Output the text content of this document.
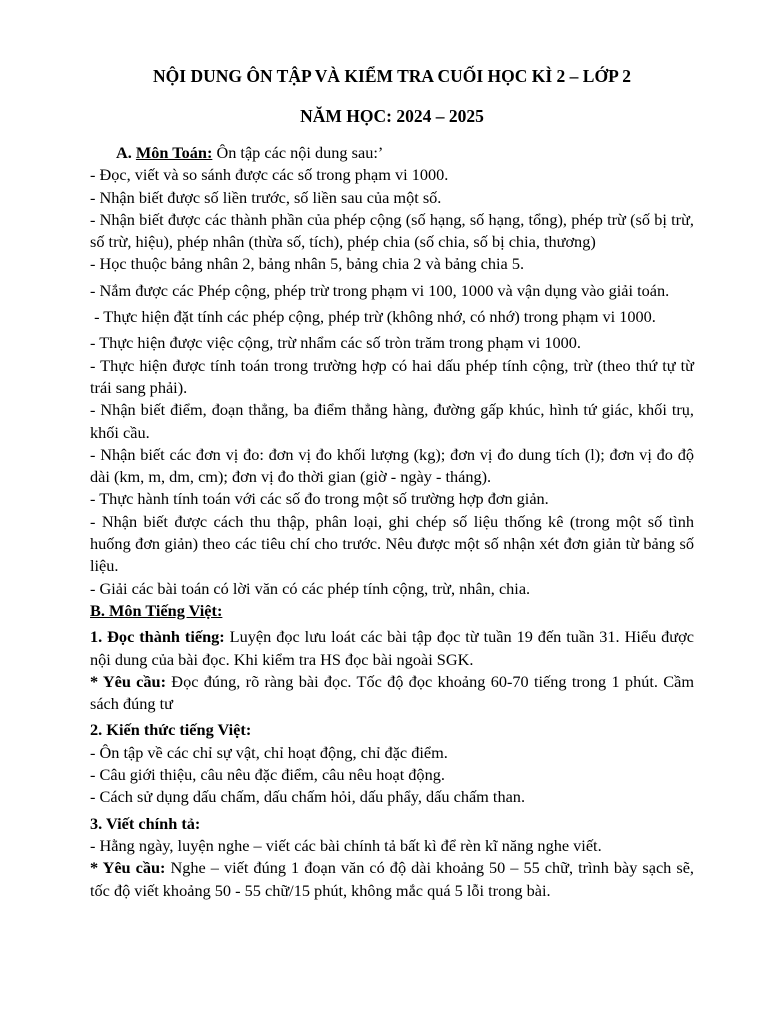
NỘI DUNG ÔN TẬP VÀ KIỂM TRA CUỐI HỌC KÌ 2 – LỚP 2
NĂM HỌC: 2024 – 2025

A. Môn Toán: Ôn tập các nội dung sau:’

- Đọc, viết và so sánh được các số trong phạm vi 1000.

- Nhận biết được số liền trước, số liền sau của một số.

- Nhận biết được các thành phần của phép cộng (số hạng, số hạng, tổng), phép trừ (số bị trừ, số trừ, hiệu), phép nhân (thừa số, tích), phép chia (số chia, số bị chia, thương)

- Học thuộc bảng nhân 2, bảng nhân 5, bảng chia 2 và bảng chia 5.

- Nắm được các Phép cộng, phép trừ trong phạm vi 100, 1000 và vận dụng vào giải toán.

- Thực hiện đặt tính các phép cộng, phép trừ (không nhớ, có nhớ) trong phạm vi 1000.

- Thực hiện được việc cộng, trừ nhẩm các số tròn trăm trong phạm vi 1000.

- Thực hiện được tính toán trong trường hợp có hai dấu phép tính cộng, trừ (theo thứ tự từ trái sang phải).

- Nhận biết điểm, đoạn thẳng, ba điểm thẳng hàng, đường gấp khúc, hình tứ giác, khối trụ, khối cầu.

- Nhận biết các đơn vị đo: đơn vị đo khối lượng (kg); đơn vị đo dung tích (l); đơn vị đo độ dài (km, m, dm, cm); đơn vị đo thời gian (giờ - ngày - tháng).

- Thực hành tính toán với các số đo trong một số trường hợp đơn giản.

- Nhận biết được cách thu thập, phân loại, ghi chép số liệu thống kê (trong một số tình huống đơn giản) theo các tiêu chí cho trước. Nêu được một số nhận xét đơn giản từ bảng số liệu.

- Giải các bài toán có lời văn có các phép tính cộng, trừ, nhân, chia.

B. Môn Tiếng Việt:

1. Đọc thành tiếng: Luyện đọc lưu loát các bài tập đọc từ tuần 19 đến tuần 31. Hiểu được nội dung của bài đọc. Khi kiểm tra HS đọc bài ngoài SGK.

* Yêu cầu: Đọc đúng, rõ ràng bài đọc. Tốc độ đọc khoảng 60-70 tiếng trong 1 phút. Cầm sách đúng tư

2. Kiến thức tiếng Việt:

- Ôn tập về các chỉ sự vật, chỉ hoạt động, chỉ đặc điểm.

- Câu giới thiệu, câu nêu đặc điểm, câu nêu hoạt động.

- Cách sử dụng dấu chấm, dấu chấm hỏi, dấu phẩy, dấu chấm than.

3. Viết chính tả:

- Hằng ngày, luyện nghe – viết các bài chính tả bất kì để rèn kĩ năng nghe viết.

* Yêu cầu: Nghe – viết đúng 1 đoạn văn có độ dài khoảng 50 – 55 chữ, trình bày sạch sẽ, tốc độ viết khoảng 50 - 55 chữ/15 phút, không mắc quá 5 lỗi trong bài.
